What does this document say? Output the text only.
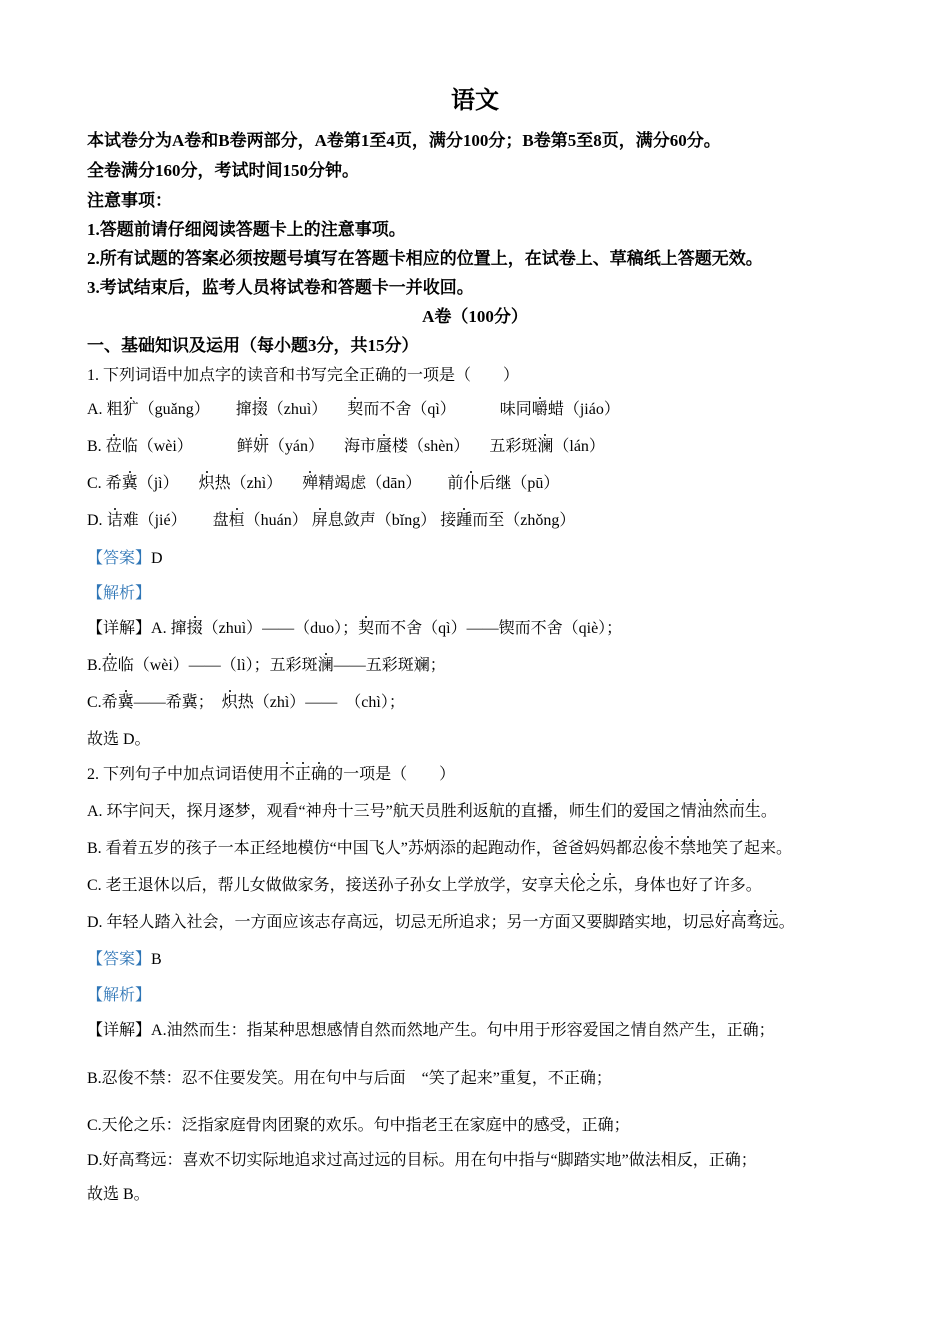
语文
本试卷分为A卷和B卷两部分，A卷第1至4页，满分100分；B卷第5至8页，满分60分。
全卷满分160分，考试时间150分钟。
注意事项：
1.答题前请仔细阅读答题卡上的注意事项。
2.所有试题的答案必须按题号填写在答题卡相应的位置上，在试卷上、草稿纸上答题无效。
3.考试结束后，监考人员将试卷和答题卡一并收回。
A卷（100分）
一、基础知识及运用（每小题3分，共15分）
1. 下列词语中加点字的读音和书写完全正确的一项是（　　）
A. 粗犷（guǎng） 撺掇（zhuì） 契而不舍（qì）	味同嚼蜡（jiáo）
B. 莅临（wèi）	鲜妍（yán） 海市蜃楼（shèn） 五彩斑澜（lán）
C. 希冀（jì） 炽热（zhì） 殚精竭虑（dān） 前仆后继（pū）
D. 诘难（jié） 盘桓（huán） 屏息敛声（bǐng） 接踵而至（zhǒng）
【答案】D
【解析】
【详解】A. 撺掇（zhuì）——（duo）；契而不舍（qì）——锲而不舍（qiè）；
B.莅临（wèi）——（lì）；五彩斑澜——五彩斑斓；
C.希冀——希冀；　炽热（zhì）——　（chì）；
故选 D。
2. 下列句子中加点词语使用不正确的一项是（　　）
A. 环宇问天，探月逐梦，观看“神舟十三号”航天员胜利返航的直播，师生们的爱国之情油然而生。
B. 看着五岁的孩子一本正经地模仿“中国飞人”苏炳添的起跑动作，爸爸妈妈都忍俊不禁地笑了起来。
C. 老王退休以后，帮儿女做做家务，接送孙子孙女上学放学，安享天伦之乐，身体也好了许多。
D. 年轻人踏入社会，一方面应该志存高远，切忌无所追求；另一方面又要脚踏实地，切忌好高骛远。
【答案】B
【解析】
【详解】A.油然而生：指某种思想感情自然而然地产生。句中用于形容爱国之情自然产生，正确；
B.忍俊不禁：忍不住要发笑。用在句中与后面　“笑了起来”重复，不正确；
C.天伦之乐：泛指家庭骨肉团聚的欢乐。句中指老王在家庭中的感受，正确；
D.好高骛远：喜欢不切实际地追求过高过远的目标。用在句中指与“脚踏实地”做法相反，正确；
故选 B。
